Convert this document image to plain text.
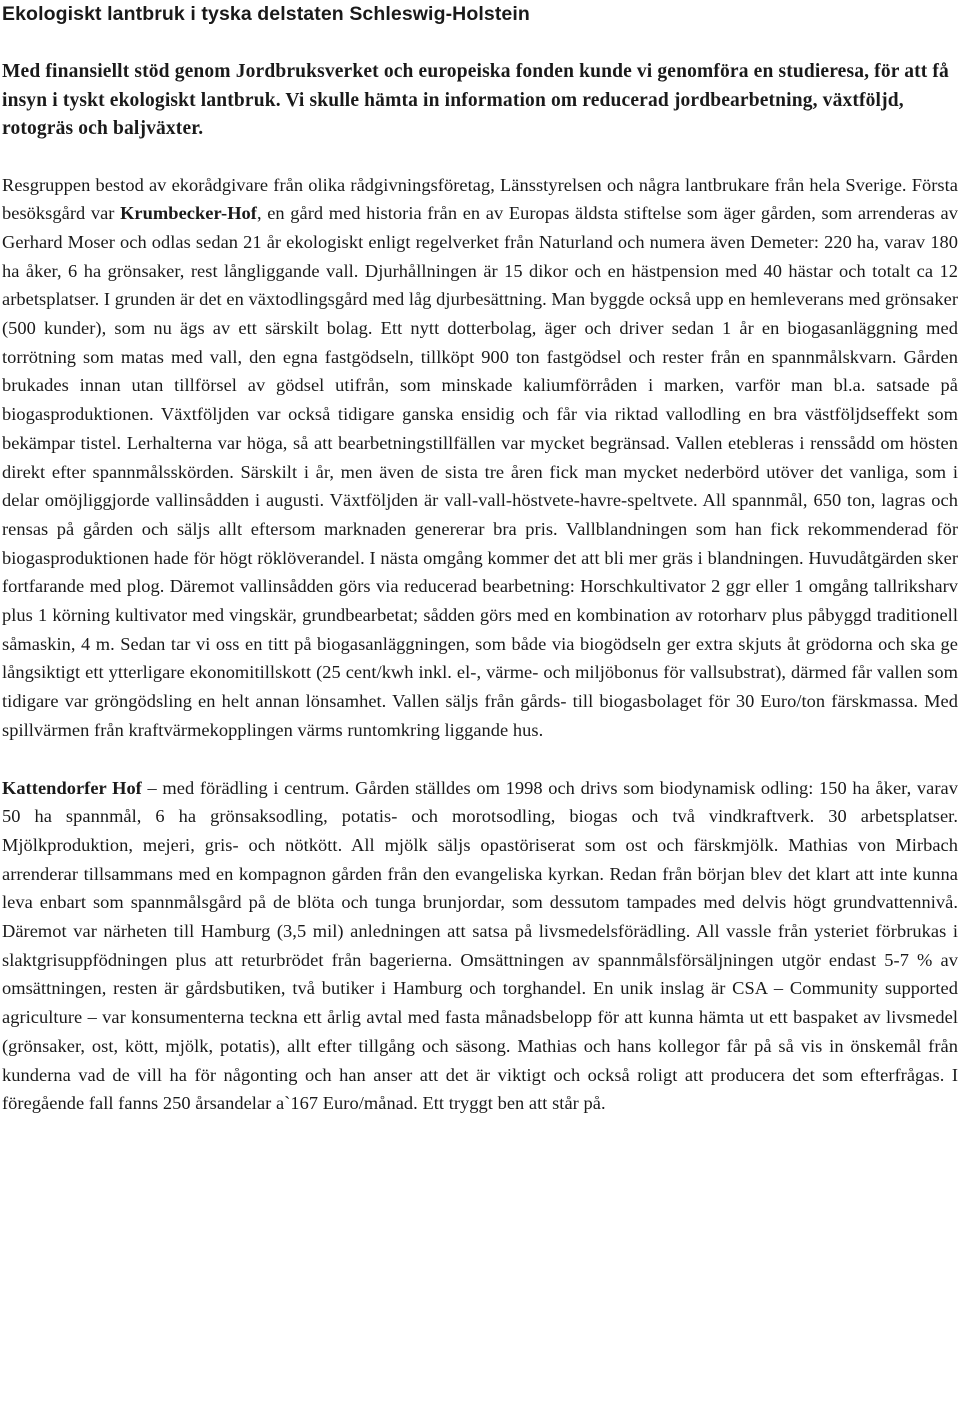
Ekologiskt lantbruk i tyska delstaten Schleswig-Holstein

Med finansiellt stöd genom Jordbruksverket och europeiska fonden kunde vi genomföra en studieresa, för att få insyn i tyskt ekologiskt lantbruk. Vi skulle hämta in information om reducerad jordbearbetning, växtföljd, rotogräs och baljväxter.

Resgruppen bestod av ekorådgivare från olika rådgivningsföretag, Länsstyrelsen och några lantbrukare från hela Sverige. Första besöksgård var Krumbecker-Hof, en gård med historia från en av Europas äldsta stiftelse som äger gården, som arrenderas av Gerhard Moser och odlas sedan 21 år ekologiskt enligt regelverket från Naturland och numera även Demeter: 220 ha, varav 180 ha åker, 6 ha grönsaker, rest långliggande vall. Djurhållningen är 15 dikor och en hästpension med 40 hästar och totalt ca 12 arbetsplatser. I grunden är det en växtodlingsgård med låg djurbesättning. Man byggde också upp en hemleverans med grönsaker (500 kunder), som nu ägs av ett särskilt bolag. Ett nytt dotterbolag, äger och driver sedan 1 år en biogasanläggning med torrötning som matas med vall, den egna fastgödseln, tillköpt 900 ton fastgödsel och rester från en spannmålskvarn. Gården brukades innan utan tillförsel av gödsel utifrån, som minskade kaliumförråden i marken, varför man bl.a. satsade på biogasproduktionen. Växtföljden var också tidigare ganska ensidig och får via riktad vallodling en bra västföljdseffekt som bekämpar tistel. Lerhalterna var höga, så att bearbetningstillfällen var mycket begränsad. Vallen etebleras i renssådd om hösten direkt efter spannmålsskörden. Särskilt i år, men även de sista tre åren fick man mycket nederbörd utöver det vanliga, som i delar omöjliggjorde vallinsådden i augusti. Växtföljden är vall-vall-höstvete-havre-speltvete. All spannmål, 650 ton, lagras och rensas på gården och säljs allt eftersom marknaden genererar bra pris. Vallblandningen som han fick rekommenderad för biogasproduktionen hade för högt röklöverandel. I nästa omgång kommer det att bli mer gräs i blandningen. Huvudåtgärden sker fortfarande med plog. Däremot vallinsådden görs via reducerad bearbetning: Horschkultivator 2 ggr eller 1 omgång tallriksharv plus 1 körning kultivator med vingskär, grundbearbetat; sådden görs med en kombination av rotorharv plus påbyggd traditionell såmaskin, 4 m. Sedan tar vi oss en titt på biogasanläggningen, som både via biogödseln ger extra skjuts åt grödorna och ska ge långsiktigt ett ytterligare ekonomitillskott (25 cent/kwh inkl. el-, värme- och miljöbonus för vallsubstrat), därmed får vallen som tidigare var gröngödsling en helt annan lönsamhet. Vallen säljs från gårds- till biogasbolaget för 30 Euro/ton färskmassa. Med spillvärmen från kraftvärmekopplingen värms runtomkring liggande hus.

Kattendorfer Hof – med förädling i centrum. Gården ställdes om 1998 och drivs som biodynamisk odling: 150 ha åker, varav 50 ha spannmål, 6 ha grönsaksodling, potatis- och morotsodling, biogas och två vindkraftverk. 30 arbetsplatser. Mjölkproduktion, mejeri, gris- och nötkött. All mjölk säljs opastöriserat som ost och färskmjölk. Mathias von Mirbach arrenderar tillsammans med en kompagnon gården från den evangeliska kyrkan. Redan från början blev det klart att inte kunna leva enbart som spannmålsgård på de blöta och tunga brunjordar, som dessutom tampades med delvis högt grundvattennivå. Däremot var närheten till Hamburg (3,5 mil) anledningen att satsa på livsmedelsförädling. All vassle från ysteriet förbrukas i slaktgrisuppfödningen plus att returbrödet från bagerierna. Omsättningen av spannmålsförsäljningen utgör endast 5-7 % av omsättningen, resten är gårdsbutiken, två butiker i Hamburg och torghandel. En unik inslag är CSA – Community supported agriculture – var konsumenterna teckna ett årlig avtal med fasta månadsbelopp för att kunna hämta ut ett baspaket av livsmedel (grönsaker, ost, kött, mjölk, potatis), allt efter tillgång och säsong. Mathias och hans kollegor får på så vis in önskemål från kunderna vad de vill ha för någonting och han anser att det är viktigt och också roligt att producera det som efterfrågas. I föregående fall fanns 250 årsandelar a`167 Euro/månad. Ett tryggt ben att står på.
